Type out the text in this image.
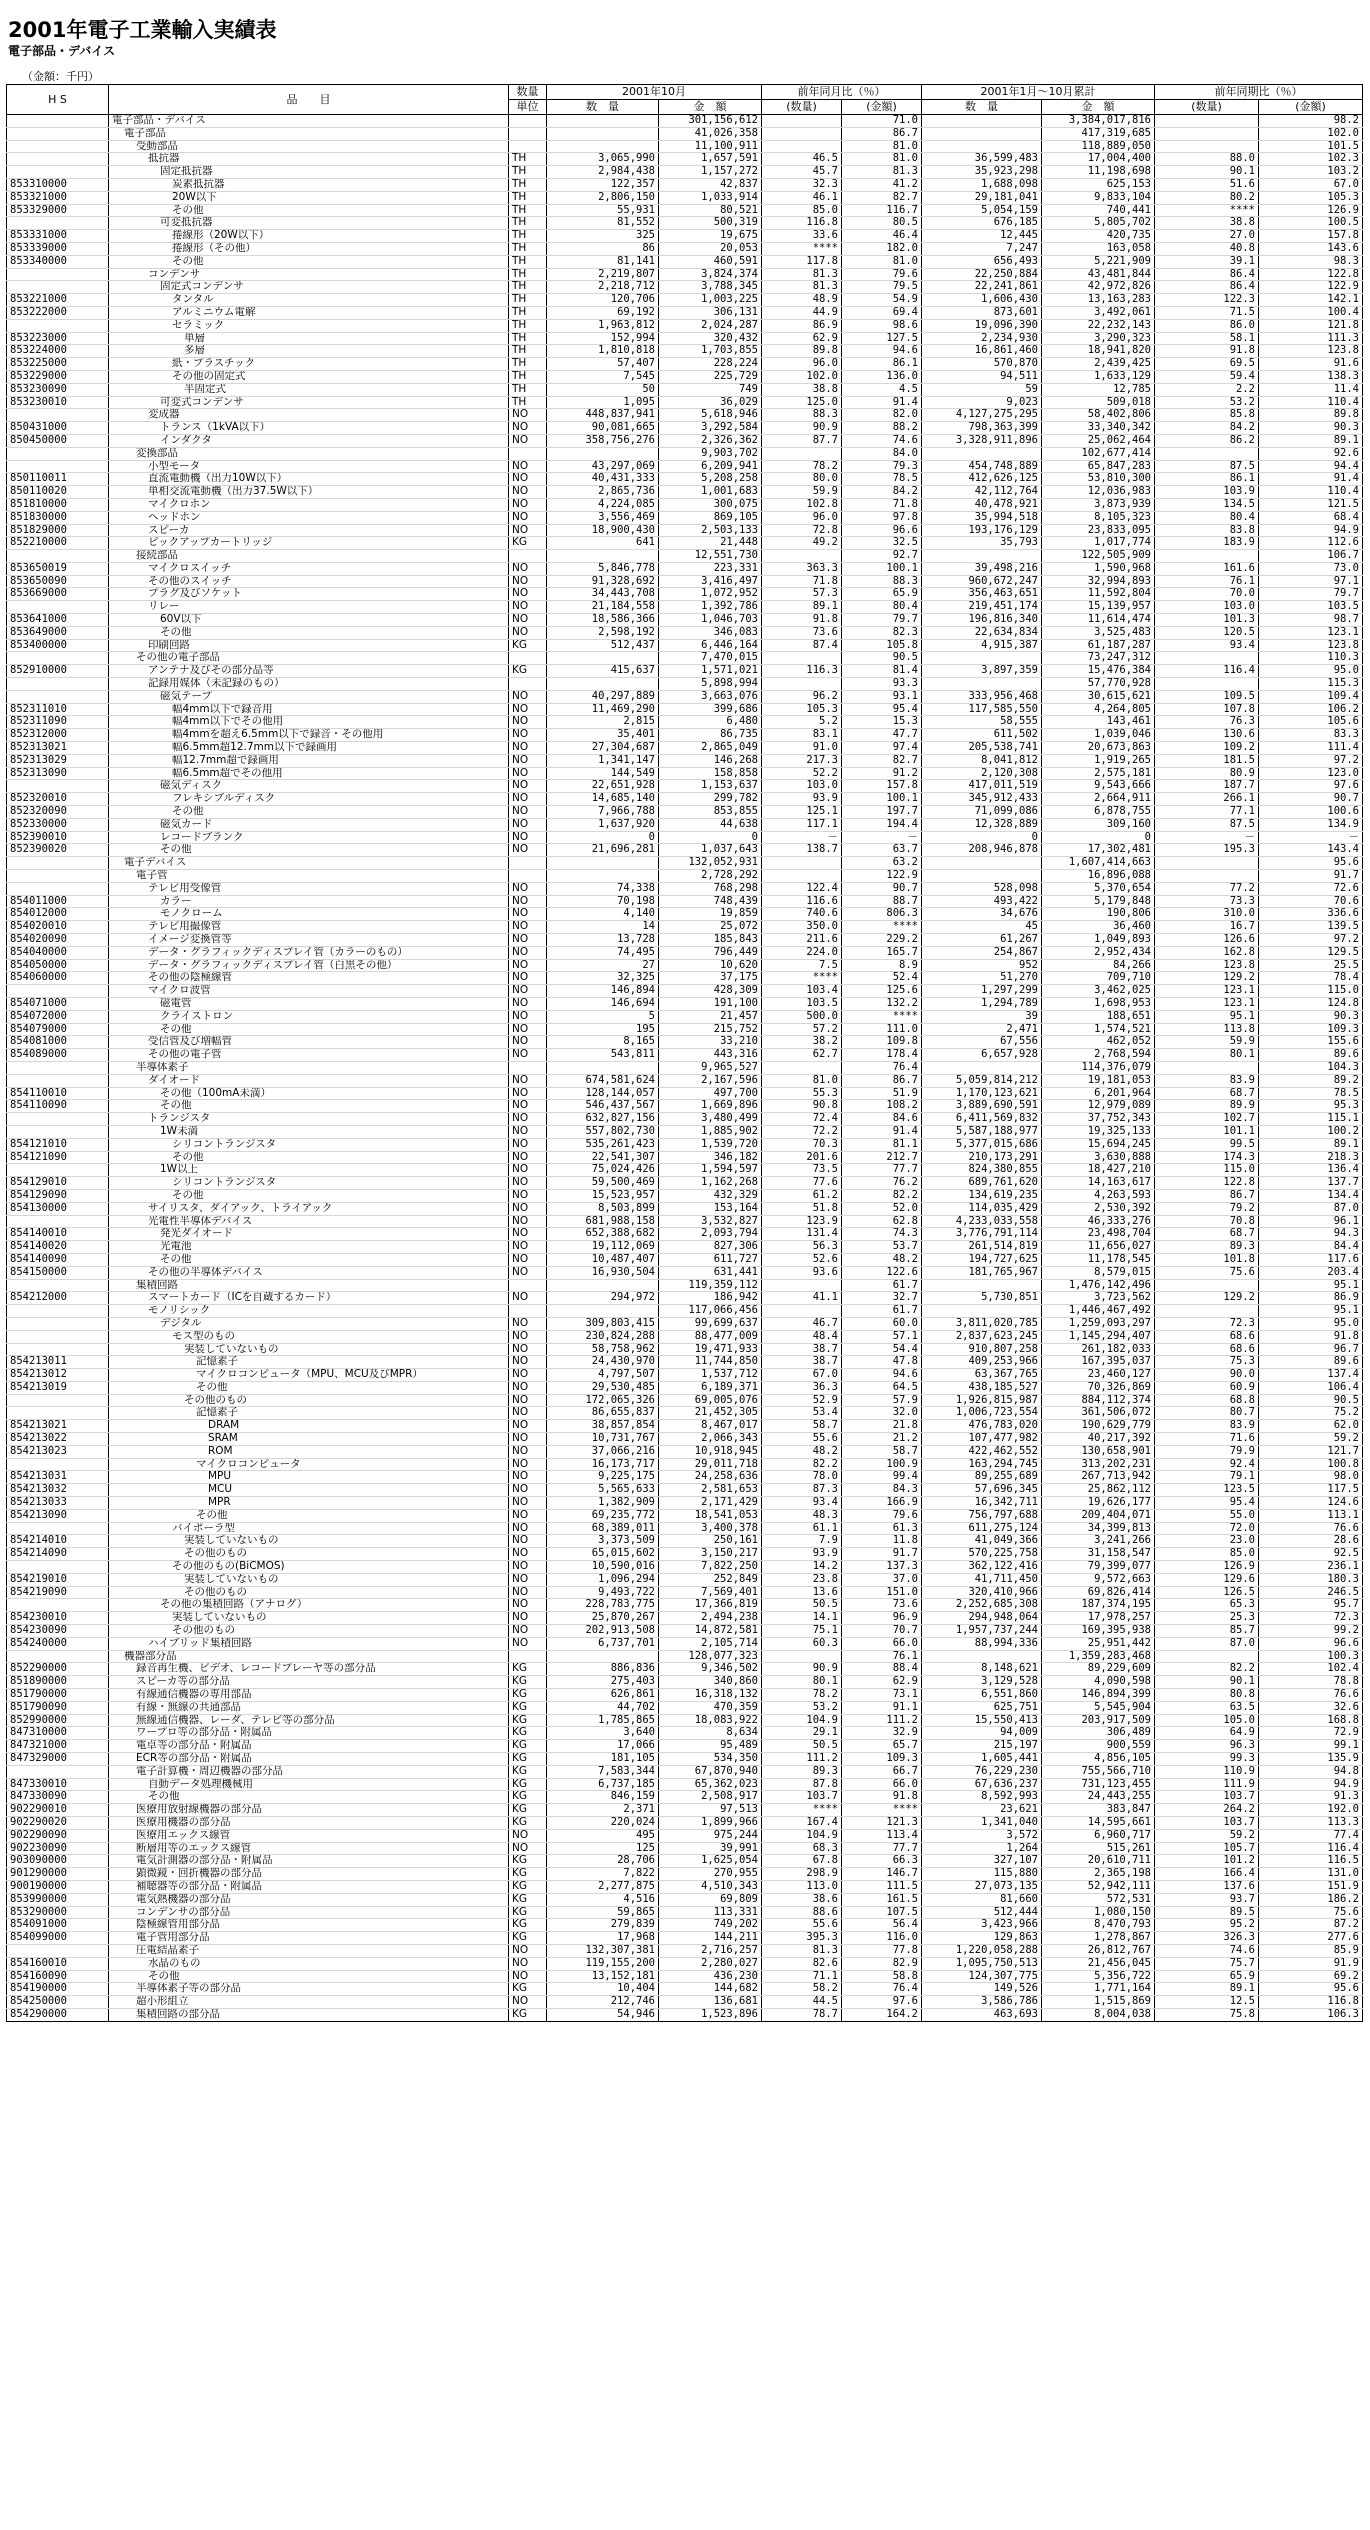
2001年電子工業輸入実績表
電子部品・デバイス
（金額：千円）
H S	品　　目	数量	2001年10月		前年同月比（％）		2001年1月～10月累計		前年同期比（％）	
		単位	数　量	金　額	(数量)	(金額)	数　量	金　額	(数量)	(金額)
	電子部品・デバイス			301,156,612		71.0		3,384,017,816		98.2
	電子部品			41,026,358		86.7		417,319,685		102.0
	受動部品			11,100,911		81.0		118,889,050		101.5
	抵抗器	TH	3,065,990	1,657,591	46.5	81.0	36,599,483	17,004,400	88.0	102.3
	固定抵抗器	TH	2,984,438	1,157,272	45.7	81.3	35,923,298	11,198,698	90.1	103.2
853310000	炭素抵抗器	TH	122,357	42,837	32.3	41.2	1,688,098	625,153	51.6	67.0
853321000	20W以下	TH	2,806,150	1,033,914	46.1	82.7	29,181,041	9,833,104	80.2	105.3
853329000	その他	TH	55,931	80,521	85.0	116.7	5,054,159	740,441	****	126.9
	可変抵抗器	TH	81,552	500,319	116.8	80.5	676,185	5,805,702	38.8	100.5
853331000	捲線形（20W以下）	TH	325	19,675	33.6	46.4	12,445	420,735	27.0	157.8
853339000	捲線形（その他）	TH	86	20,053	****	182.0	7,247	163,058	40.8	143.6
853340000	その他	TH	81,141	460,591	117.8	81.0	656,493	5,221,909	39.1	98.3
	コンデンサ	TH	2,219,807	3,824,374	81.3	79.6	22,250,884	43,481,844	86.4	122.8
	固定式コンデンサ	TH	2,218,712	3,788,345	81.3	79.5	22,241,861	42,972,826	86.4	122.9
853221000	タンタル	TH	120,706	1,003,225	48.9	54.9	1,606,430	13,163,283	122.3	142.1
853222000	アルミニウム電解	TH	69,192	306,131	44.9	69.4	873,601	3,492,061	71.5	100.4
	セラミック	TH	1,963,812	2,024,287	86.9	98.6	19,096,390	22,232,143	86.0	121.8
853223000	単層	TH	152,994	320,432	62.9	127.5	2,234,930	3,290,323	58.1	111.3
853224000	多層	TH	1,810,818	1,703,855	89.8	94.6	16,861,460	18,941,820	91.8	123.8
853225000	紙・プラスチック	TH	57,407	228,224	96.0	86.1	570,870	2,439,425	69.5	91.6
853229000	その他の固定式	TH	7,545	225,729	102.0	136.0	94,511	1,633,129	59.4	138.3
853230090	半固定式	TH	50	749	38.8	4.5	59	12,785	2.2	11.4
853230010	可変式コンデンサ	TH	1,095	36,029	125.0	91.4	9,023	509,018	53.2	110.4
	変成器	NO	448,837,941	5,618,946	88.3	82.0	4,127,275,295	58,402,806	85.8	89.8
850431000	トランス（1kVA以下）	NO	90,081,665	3,292,584	90.9	88.2	798,363,399	33,340,342	84.2	90.3
850450000	インダクタ	NO	358,756,276	2,326,362	87.7	74.6	3,328,911,896	25,062,464	86.2	89.1
	変換部品			9,903,702		84.0		102,677,414		92.6
	小型モータ	NO	43,297,069	6,209,941	78.2	79.3	454,748,889	65,847,283	87.5	94.4
850110011	直流電動機（出力10W以下）	NO	40,431,333	5,208,258	80.0	78.5	412,626,125	53,810,300	86.1	91.4
850110020	単相交流電動機（出力37.5W以下）	NO	2,865,736	1,001,683	59.9	84.2	42,112,764	12,036,983	103.9	110.4
851810000	マイクロホン	NO	4,224,085	300,075	102.8	71.8	40,478,921	3,873,939	134.5	121.5
851830000	ヘッドホン	NO	3,556,469	869,105	96.0	97.8	35,994,518	8,105,323	80.4	68.4
851829000	スピーカ	NO	18,900,430	2,503,133	72.8	96.6	193,176,129	23,833,095	83.8	94.9
852210000	ピックアップカートリッジ	KG	641	21,448	49.2	32.5	35,793	1,017,774	183.9	112.6
	接続部品			12,551,730		92.7		122,505,909		106.7
853650019	マイクロスイッチ	NO	5,846,778	223,331	363.3	100.1	39,498,216	1,590,968	161.6	73.0
853650090	その他のスイッチ	NO	91,328,692	3,416,497	71.8	88.3	960,672,247	32,994,893	76.1	97.1
853669000	プラグ及びソケット	NO	34,443,708	1,072,952	57.3	65.9	356,463,651	11,592,804	70.0	79.7
	リレー	NO	21,184,558	1,392,786	89.1	80.4	219,451,174	15,139,957	103.0	103.5
853641000	60V以下	NO	18,586,366	1,046,703	91.8	79.7	196,816,340	11,614,474	101.3	98.7
853649000	その他	NO	2,598,192	346,083	73.6	82.3	22,634,834	3,525,483	120.5	123.1
853400000	印刷回路	KG	512,437	6,446,164	87.4	105.8	4,915,387	61,187,287	93.4	123.8
	その他の電子部品			7,470,015		90.5		73,247,312		110.3
852910000	アンテナ及びその部分品等	KG	415,637	1,571,021	116.3	81.4	3,897,359	15,476,384	116.4	95.0
	記録用媒体（未記録のもの）			5,898,994		93.3		57,770,928		115.3
	磁気テープ	NO	40,297,889	3,663,076	96.2	93.1	333,956,468	30,615,621	109.5	109.4
852311010	幅4mm以下で録音用	NO	11,469,290	399,686	105.3	95.4	117,585,550	4,264,805	107.8	106.2
852311090	幅4mm以下でその他用	NO	2,815	6,480	5.2	15.3	58,555	143,461	76.3	105.6
852312000	幅4mmを超え6.5mm以下で録音・その他用	NO	35,401	86,735	83.1	47.7	611,502	1,039,046	130.6	83.3
852313021	幅6.5mm超12.7mm以下で録画用	NO	27,304,687	2,865,049	91.0	97.4	205,538,741	20,673,863	109.2	111.4
852313029	幅12.7mm超で録画用	NO	1,341,147	146,268	217.3	82.7	8,041,812	1,919,265	181.5	97.2
852313090	幅6.5mm超でその他用	NO	144,549	158,858	52.2	91.2	2,120,308	2,575,181	80.9	123.0
	磁気ディスク	NO	22,651,928	1,153,637	103.0	157.8	417,011,519	9,543,666	187.7	97.6
852320010	フレキシブルディスク	NO	14,685,140	299,782	93.9	100.1	345,912,433	2,664,911	266.1	90.7
852320090	その他	NO	7,966,788	853,855	125.1	197.7	71,099,086	6,878,755	77.1	100.6
852330000	磁気カード	NO	1,637,920	44,638	117.1	194.4	12,328,889	309,160	87.5	134.9
852390010	レコードブランク	NO	0	0	－	－	0	0	－	－
852390020	その他	NO	21,696,281	1,037,643	138.7	63.7	208,946,878	17,302,481	195.3	143.4
	電子デバイス			132,052,931		63.2		1,607,414,663		95.6
	電子管			2,728,292		122.9		16,896,088		91.7
	テレビ用受像管	NO	74,338	768,298	122.4	90.7	528,098	5,370,654	77.2	72.6
854011000	カラー	NO	70,198	748,439	116.6	88.7	493,422	5,179,848	73.3	70.6
854012000	モノクローム	NO	4,140	19,859	740.6	806.3	34,676	190,806	310.0	336.6
854020010	テレビ用撮像管	NO	14	25,072	350.0	****	45	36,460	16.7	139.5
854020090	イメージ変換管等	NO	13,728	185,843	211.6	229.2	61,267	1,049,893	126.6	97.2
854040000	データ・グラフィックディスプレイ管（カラーのもの）	NO	74,495	796,449	224.0	165.7	254,867	2,952,434	162.8	129.5
854050000	データ・グラフィックディスプレイ管（白黒その他）	NO	27	10,620	7.5	8.9	952	84,266	123.8	25.5
854060000	その他の陰極線管	NO	32,325	37,175	****	52.4	51,270	709,710	129.2	78.4
	マイクロ波管	NO	146,894	428,309	103.4	125.6	1,297,299	3,462,025	123.1	115.0
854071000	磁電管	NO	146,694	191,100	103.5	132.2	1,294,789	1,698,953	123.1	124.8
854072000	クライストロン	NO	5	21,457	500.0	****	39	188,651	95.1	90.3
854079000	その他	NO	195	215,752	57.2	111.0	2,471	1,574,521	113.8	109.3
854081000	受信管及び増幅管	NO	8,165	33,210	38.2	109.8	67,556	462,052	59.9	155.6
854089000	その他の電子管	NO	543,811	443,316	62.7	178.4	6,657,928	2,768,594	80.1	89.6
	半導体素子			9,965,527		76.4		114,376,079		104.3
	ダイオード	NO	674,581,624	2,167,596	81.0	86.7	5,059,814,212	19,181,053	83.9	89.2
854110010	その他（100mA未満）	NO	128,144,057	497,700	55.3	51.9	1,170,123,621	6,201,964	68.7	78.5
854110090	その他	NO	546,437,567	1,669,896	90.8	108.2	3,889,690,591	12,979,089	89.9	95.3
	トランジスタ	NO	632,827,156	3,480,499	72.4	84.6	6,411,569,832	37,752,343	102.7	115.1
	1W未満	NO	557,802,730	1,885,902	72.2	91.4	5,587,188,977	19,325,133	101.1	100.2
854121010	シリコントランジスタ	NO	535,261,423	1,539,720	70.3	81.1	5,377,015,686	15,694,245	99.5	89.1
854121090	その他	NO	22,541,307	346,182	201.6	212.7	210,173,291	3,630,888	174.3	218.3
	1W以上	NO	75,024,426	1,594,597	73.5	77.7	824,380,855	18,427,210	115.0	136.4
854129010	シリコントランジスタ	NO	59,500,469	1,162,268	77.6	76.2	689,761,620	14,163,617	122.8	137.7
854129090	その他	NO	15,523,957	432,329	61.2	82.2	134,619,235	4,263,593	86.7	134.4
854130000	サイリスタ、ダイアック、トライアック	NO	8,503,899	153,164	51.8	52.0	114,035,429	2,530,392	79.2	87.0
	光電性半導体デバイス	NO	681,988,158	3,532,827	123.9	62.8	4,233,033,558	46,333,276	70.8	96.1
854140010	発光ダイオード	NO	652,388,682	2,093,794	131.4	74.3	3,776,791,114	23,498,704	68.7	94.3
854140020	光電池	NO	19,112,069	827,306	56.3	53.7	261,514,819	11,656,027	89.3	84.4
854140090	その他	NO	10,487,407	611,727	52.6	48.2	194,727,625	11,178,545	101.8	117.6
854150000	その他の半導体デバイス	NO	16,930,504	631,441	93.6	122.6	181,765,967	8,579,015	75.6	203.4
	集積回路			119,359,112		61.7		1,476,142,496		95.1
854212000	スマートカード（ICを自蔵するカード）	NO	294,972	186,942	41.1	32.7	5,730,851	3,723,562	129.2	86.9
	モノリシック			117,066,456		61.7		1,446,467,492		95.1
	デジタル	NO	309,803,415	99,699,637	46.7	60.0	3,811,020,785	1,259,093,297	72.3	95.0
	モス型のもの	NO	230,824,288	88,477,009	48.4	57.1	2,837,623,245	1,145,294,407	68.6	91.8
	実装していないもの	NO	58,758,962	19,471,933	38.7	54.4	910,807,258	261,182,033	68.6	96.7
854213011	記憶素子	NO	24,430,970	11,744,850	38.7	47.8	409,253,966	167,395,037	75.3	89.6
854213012	マイクロコンピュータ（MPU、MCU及びMPR）	NO	4,797,507	1,537,712	67.0	94.6	63,367,765	23,460,127	90.0	137.4
854213019	その他	NO	29,530,485	6,189,371	36.3	64.5	438,185,527	70,326,869	60.9	106.4
	その他のもの	NO	172,065,326	69,005,076	52.9	57.9	1,926,815,987	884,112,374	68.8	90.5
	記憶素子	NO	86,655,837	21,452,305	53.4	32.0	1,006,723,554	361,506,072	80.7	75.2
854213021	DRAM	NO	38,857,854	8,467,017	58.7	21.8	476,783,020	190,629,779	83.9	62.0
854213022	SRAM	NO	10,731,767	2,066,343	55.6	21.2	107,477,982	40,217,392	71.6	59.2
854213023	ROM	NO	37,066,216	10,918,945	48.2	58.7	422,462,552	130,658,901	79.9	121.7
	マイクロコンピュータ	NO	16,173,717	29,011,718	82.2	100.9	163,294,745	313,202,231	92.4	100.8
854213031	MPU	NO	9,225,175	24,258,636	78.0	99.4	89,255,689	267,713,942	79.1	98.0
854213032	MCU	NO	5,565,633	2,581,653	87.3	84.3	57,696,345	25,862,112	123.5	117.5
854213033	MPR	NO	1,382,909	2,171,429	93.4	166.9	16,342,711	19,626,177	95.4	124.6
854213090	その他	NO	69,235,772	18,541,053	48.3	79.6	756,797,688	209,404,071	55.0	113.1
	バイポーラ型	NO	68,389,011	3,400,378	61.1	61.3	611,275,124	34,399,813	72.0	76.6
854214010	実装していないもの	NO	3,373,509	250,161	7.9	11.8	41,049,366	3,241,266	23.0	28.6
854214090	その他のもの	NO	65,015,602	3,150,217	93.9	91.7	570,225,758	31,158,547	85.0	92.5
	その他のもの(BiCMOS)	NO	10,590,016	7,822,250	14.2	137.3	362,122,416	79,399,077	126.9	236.1
854219010	実装していないもの	NO	1,096,294	252,849	23.8	37.0	41,711,450	9,572,663	129.6	180.3
854219090	その他のもの	NO	9,493,722	7,569,401	13.6	151.0	320,410,966	69,826,414	126.5	246.5
	その他の集積回路（アナログ）	NO	228,783,775	17,366,819	50.5	73.6	2,252,685,308	187,374,195	65.3	95.7
854230010	実装していないもの	NO	25,870,267	2,494,238	14.1	96.9	294,948,064	17,978,257	25.3	72.3
854230090	その他のもの	NO	202,913,508	14,872,581	75.1	70.7	1,957,737,244	169,395,938	85.7	99.2
854240000	ハイブリッド集積回路	NO	6,737,701	2,105,714	60.3	66.0	88,994,336	25,951,442	87.0	96.6
	機器部分品			128,077,323		76.1		1,359,283,468		100.3
852290000	録音再生機、ビデオ、レコードプレーヤ等の部分品	KG	886,836	9,346,502	90.9	88.4	8,148,621	89,229,609	82.2	102.4
851890000	スピーカ等の部分品	KG	275,403	340,860	80.1	62.9	3,129,528	4,090,598	90.1	78.8
851790000	有線通信機器の専用部品	KG	626,861	16,318,132	78.2	73.1	6,551,860	146,894,399	80.8	76.6
851790090	有線・無線の共通部品	KG	44,702	470,359	53.2	91.1	625,751	5,545,904	63.5	32.6
852990000	無線通信機器、レーダ、テレビ等の部分品	KG	1,785,865	18,083,922	104.9	111.2	15,550,413	203,917,509	105.0	168.8
847310000	ワープロ等の部分品・附属品	KG	3,640	8,634	29.1	32.9	94,009	306,489	64.9	72.9
847321000	電卓等の部分品・附属品	KG	17,066	95,489	50.5	65.7	215,197	900,559	96.3	99.1
847329000	ECR等の部分品・附属品	KG	181,105	534,350	111.2	109.3	1,605,441	4,856,105	99.3	135.9
	電子計算機・周辺機器の部分品	KG	7,583,344	67,870,940	89.3	66.7	76,229,230	755,566,710	110.9	94.8
847330010	自動データ処理機械用	KG	6,737,185	65,362,023	87.8	66.0	67,636,237	731,123,455	111.9	94.9
847330090	その他	KG	846,159	2,508,917	103.7	91.8	8,592,993	24,443,255	103.7	91.3
902290010	医療用放射線機器の部分品	KG	2,371	97,513	****	****	23,621	383,847	264.2	192.0
902290020	医療用機器の部分品	KG	220,024	1,899,966	167.4	121.3	1,341,040	14,595,661	103.7	113.3
902290090	医療用エックス線管	NO	495	975,244	104.9	113.4	3,572	6,960,717	59.2	77.4
902230090	断層用等のエックス線管	NO	125	39,991	68.3	77.7	1,264	515,261	105.7	116.4
903090000	電気計測器の部分品・附属品	KG	28,706	1,625,054	67.8	66.3	327,107	20,610,711	101.2	116.5
901290000	顕微鏡・回折機器の部分品	KG	7,822	270,955	298.9	146.7	115,880	2,365,198	166.4	131.0
900190000	補聴器等の部分品・附属品	KG	2,277,875	4,510,343	113.0	111.5	27,073,135	52,942,111	137.6	151.9
853990000	電気熱機器の部分品	KG	4,516	69,809	38.6	161.5	81,660	572,531	93.7	186.2
853290000	コンデンサの部分品	KG	59,865	113,331	88.6	107.5	512,444	1,080,150	89.5	75.6
854091000	陰極線管用部分品	KG	279,839	749,202	55.6	56.4	3,423,966	8,470,793	95.2	87.2
854099000	電子管用部分品	KG	17,968	144,211	395.3	116.0	129,863	1,278,867	326.3	277.6
	圧電結晶素子	NO	132,307,381	2,716,257	81.3	77.8	1,220,058,288	26,812,767	74.6	85.9
854160010	水晶のもの	NO	119,155,200	2,280,027	82.6	82.9	1,095,750,513	21,456,045	75.7	91.9
854160090	その他	NO	13,152,181	436,230	71.1	58.8	124,307,775	5,356,722	65.9	69.2
854190000	半導体素子等の部分品	KG	10,404	144,682	58.2	76.4	149,526	1,771,164	89.1	95.6
854250000	超小形組立	NO	212,746	136,681	44.5	97.6	3,586,786	1,515,869	12.5	116.8
854290000	集積回路の部分品	KG	54,946	1,523,896	78.7	164.2	463,693	8,004,038	75.8	106.3
